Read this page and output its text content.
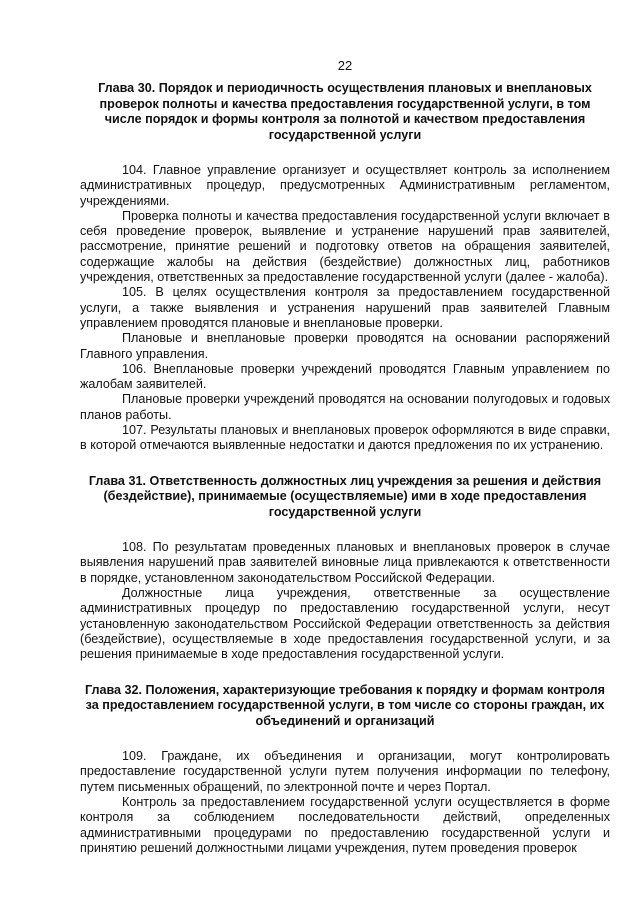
22
Глава 30. Порядок и периодичность осуществления плановых и внеплановых проверок полноты и качества предоставления государственной услуги, в том числе порядок и формы контроля за полнотой и качеством предоставления государственной услуги

104. Главное управление организует и осуществляет контроль за исполнением административных процедур, предусмотренных Административным регламентом, учреждениями.

Проверка полноты и качества предоставления государственной услуги включает в себя проведение проверок, выявление и устранение нарушений прав заявителей, рассмотрение, принятие решений и подготовку ответов на обращения заявителей, содержащие жалобы на действия (бездействие) должностных лиц, работников учреждения, ответственных за предоставление государственной услуги (далее - жалоба).

105. В целях осуществления контроля за предоставлением государственной услуги, а также выявления и устранения нарушений прав заявителей Главным управлением проводятся плановые и внеплановые проверки.

Плановые и внеплановые проверки проводятся на основании распоряжений Главного управления.

106. Внеплановые проверки учреждений проводятся Главным управлением по жалобам заявителей.

Плановые проверки учреждений проводятся на основании полугодовых и годовых планов работы.

107. Результаты плановых и внеплановых проверок оформляются в виде справки, в которой отмечаются выявленные недостатки и даются предложения по их устранению.

Глава 31. Ответственность должностных лиц учреждения за решения и действия (бездействие), принимаемые (осуществляемые) ими в ходе предоставления государственной услуги

108. По результатам проведенных плановых и внеплановых проверок в случае выявления нарушений прав заявителей виновные лица привлекаются к ответственности в порядке, установленном законодательством Российской Федерации.

Должностные лица учреждения, ответственные за осуществление административных процедур по предоставлению государственной услуги, несут установленную законодательством Российской Федерации ответственность за действия (бездействие), осуществляемые в ходе предоставления государственной услуги, и за решения принимаемые в ходе предоставления государственной услуги.

Глава 32. Положения, характеризующие требования к порядку и формам контроля за предоставлением государственной услуги, в том числе со стороны граждан, их объединений и организаций

109. Граждане, их объединения и организации, могут контролировать предоставление государственной услуги путем получения информации по телефону, путем письменных обращений, по электронной почте и через Портал.

Контроль за предоставлением государственной услуги осуществляется в форме контроля за соблюдением последовательности действий, определенных административными процедурами по предоставлению государственной услуги и принятию решений должностными лицами учреждения, путем проведения проверок
